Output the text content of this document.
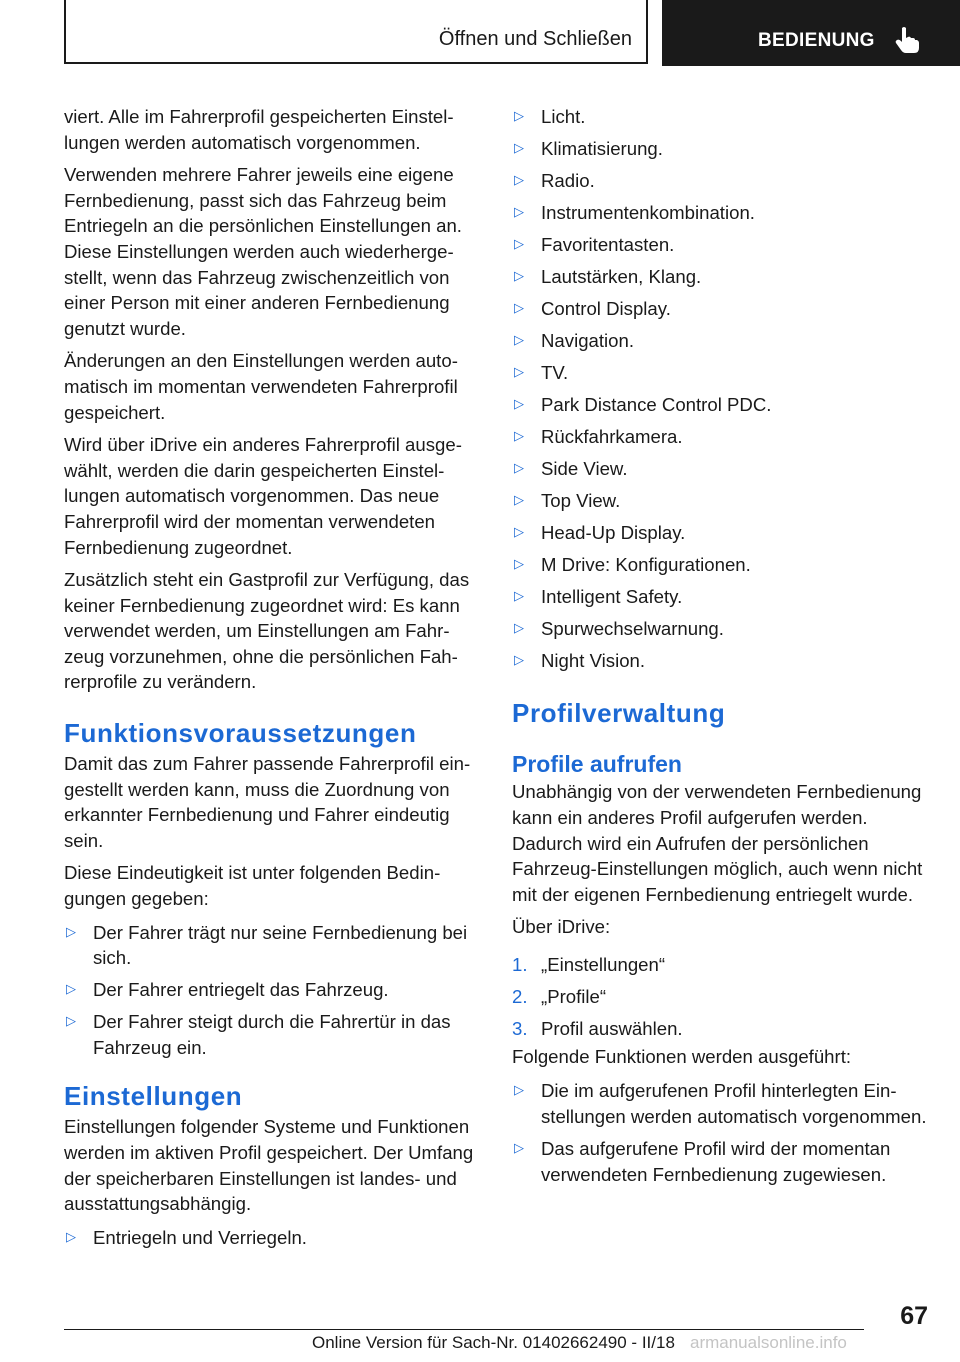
Öffnen und Schließen	BEDIENUNG

viert. Alle im Fahrerprofil gespeicherten Einstellungen werden automatisch vorgenommen.

Verwenden mehrere Fahrer jeweils eine eigene Fernbedienung, passt sich das Fahrzeug beim Entriegeln an die persönlichen Einstellungen an. Diese Einstellungen werden auch wiederhergestellt, wenn das Fahrzeug zwischenzeitlich von einer Person mit einer anderen Fernbedienung genutzt wurde.

Änderungen an den Einstellungen werden automatisch im momentan verwendeten Fahrerprofil gespeichert.

Wird über iDrive ein anderes Fahrerprofil ausgewählt, werden die darin gespeicherten Einstellungen automatisch vorgenommen. Das neue Fahrerprofil wird der momentan verwendeten Fernbedienung zugeordnet.

Zusätzlich steht ein Gastprofil zur Verfügung, das keiner Fernbedienung zugeordnet wird: Es kann verwendet werden, um Einstellungen am Fahrzeug vorzunehmen, ohne die persönlichen Fahrerprofile zu verändern.

Funktionsvoraussetzungen

Damit das zum Fahrer passende Fahrerprofil eingestellt werden kann, muss die Zuordnung von erkannter Fernbedienung und Fahrer eindeutig sein.

Diese Eindeutigkeit ist unter folgenden Bedingungen gegeben:

▷ Der Fahrer trägt nur seine Fernbedienung bei sich.
▷ Der Fahrer entriegelt das Fahrzeug.
▷ Der Fahrer steigt durch die Fahrertür in das Fahrzeug ein.
Einstellungen

Einstellungen folgender Systeme und Funktionen werden im aktiven Profil gespeichert. Der Umfang der speicherbaren Einstellungen ist landes- und ausstattungsabhängig.

▷ Entriegeln und Verriegeln.
▷ Licht.
▷ Klimatisierung.
▷ Radio.
▷ Instrumentenkombination.
▷ Favoritentasten.
▷ Lautstärken, Klang.
▷ Control Display.
▷ Navigation.
▷ TV.
▷ Park Distance Control PDC.
▷ Rückfahrkamera.
▷ Side View.
▷ Top View.
▷ Head-Up Display.
▷ M Drive: Konfigurationen.
▷ Intelligent Safety.
▷ Spurwechselwarnung.
▷ Night Vision.
Profilverwaltung
Profile aufrufen

Unabhängig von der verwendeten Fernbedienung kann ein anderes Profil aufgerufen werden. Dadurch wird ein Aufrufen der persönlichen Fahrzeug-Einstellungen möglich, auch wenn nicht mit der eigenen Fernbedienung entriegelt wurde.

Über iDrive:

1. „Einstellungen“
2. „Profile“
3. Profil auswählen.

Folgende Funktionen werden ausgeführt:

▷ Die im aufgerufenen Profil hinterlegten Einstellungen werden automatisch vorgenommen.
▷ Das aufgerufene Profil wird der momentan verwendeten Fernbedienung zugewiesen.
67
Online Version für Sach-Nr. 01402662490 - II/18 armanualsonline.info
